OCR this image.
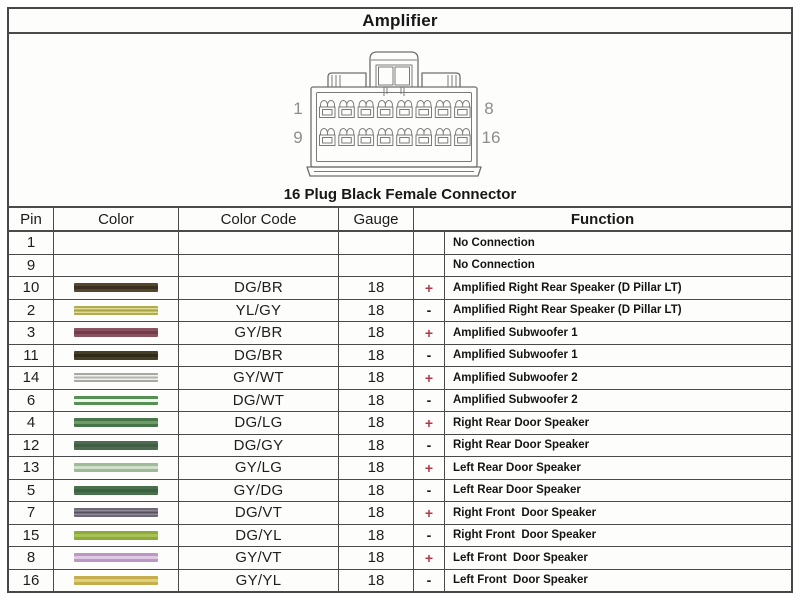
Amplifier
1	8
9	16
16 Plug Black Female Connector
Pin	Color	Color Code	Gauge	Function
1	No Connection
9	No Connection
10	DG/BR	18	+	Amplified Right Rear Speaker (D Pillar LT)
2	YL/GY	18	-	Amplified Right Rear Speaker (D Pillar LT)
3	GY/BR	18	+	Amplified Subwoofer 1
11	DG/BR	18	-	Amplified Subwoofer 1
14	GY/WT	18	+	Amplified Subwoofer 2
6	DG/WT	18	-	Amplified Subwoofer 2
4	DG/LG	18	+	Right Rear Door Speaker
12	DG/GY	18	-	Right Rear Door Speaker
13	GY/LG	18	+	Left Rear Door Speaker
5	GY/DG	18	-	Left Rear Door Speaker
7	DG/VT	18	+	Right Front  Door Speaker
15	DG/YL	18	-	Right Front  Door Speaker
8	GY/VT	18	+	Left Front  Door Speaker
16	GY/YL	18	-	Left Front  Door Speaker
